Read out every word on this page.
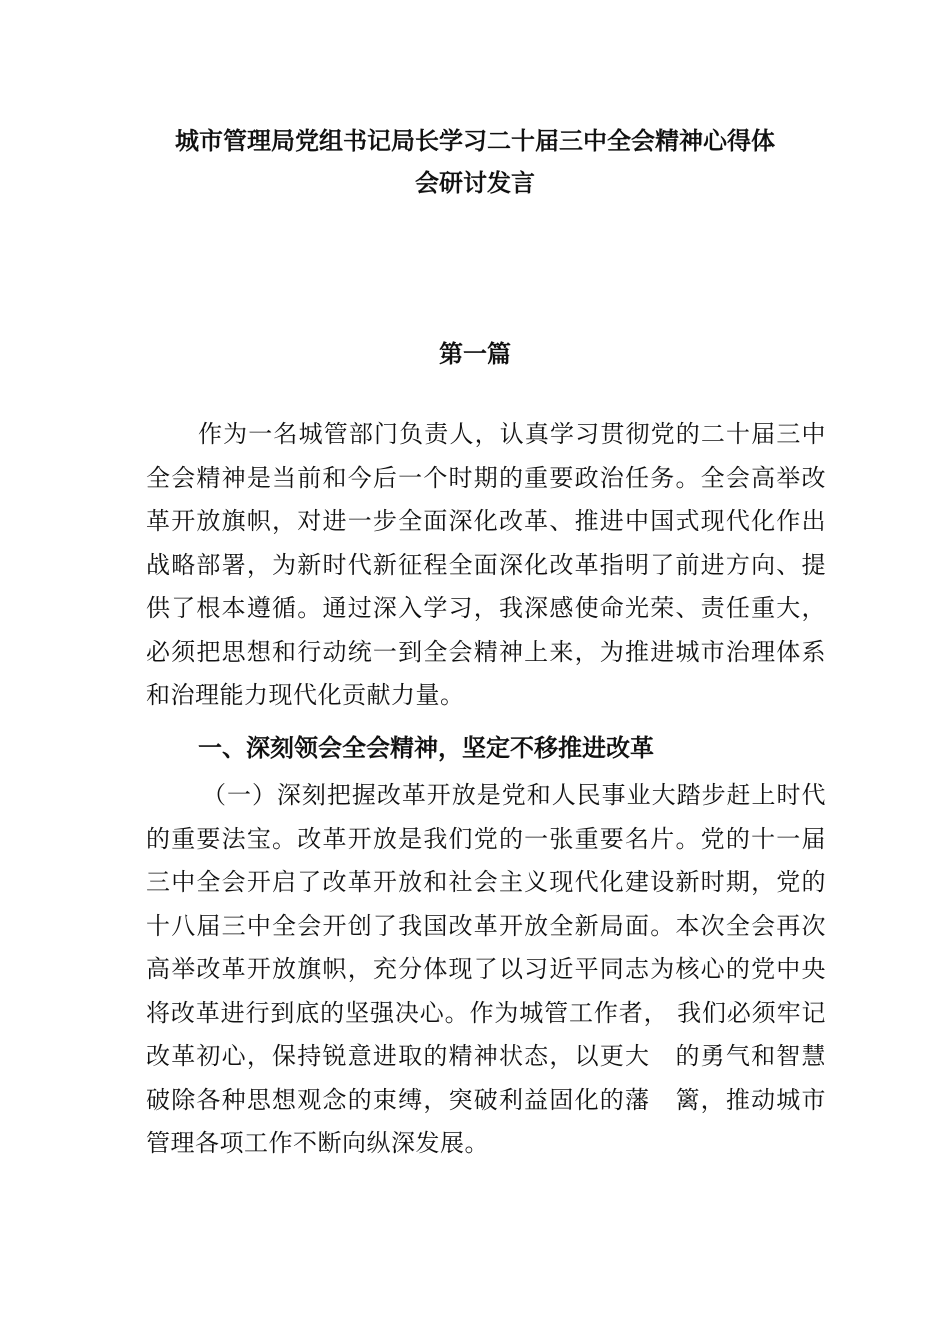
城市管理局党组书记局长学习二十届三中全会精神心得体
会研讨发言
第一篇

作为一名城管部门负责人，认真学习贯彻党的二十届三中全会精神是当前和今后一个时期的重要政治任务。全会高举改革开放旗帜，对进一步全面深化改革、推进中国式现代化作出战略部署，为新时代新征程全面深化改革指明了前进方向、提供了根本遵循。通过深入学习，我深感使命光荣、责任重大，必须把思想和行动统一到全会精神上来，为推进城市治理体系和治理能力现代化贡献力量。

一、深刻领会全会精神，坚定不移推进改革

（一）深刻把握改革开放是党和人民事业大踏步赶上时代的重要法宝。改革开放是我们党的一张重要名片。党的十一届三中全会开启了改革开放和社会主义现代化建设新时期，党的十八届三中全会开创了我国改革开放全新局面。本次全会再次高举改革开放旗帜，充分体现了以习近平同志为核心的党中央将改革进行到底的坚强决心。作为城管工作者， 我们必须牢记改革初心，保持锐意进取的精神状态，以更大　的勇气和智慧破除各种思想观念的束缚，突破利益固化的藩　篱，推动城市管理各项工作不断向纵深发展。
